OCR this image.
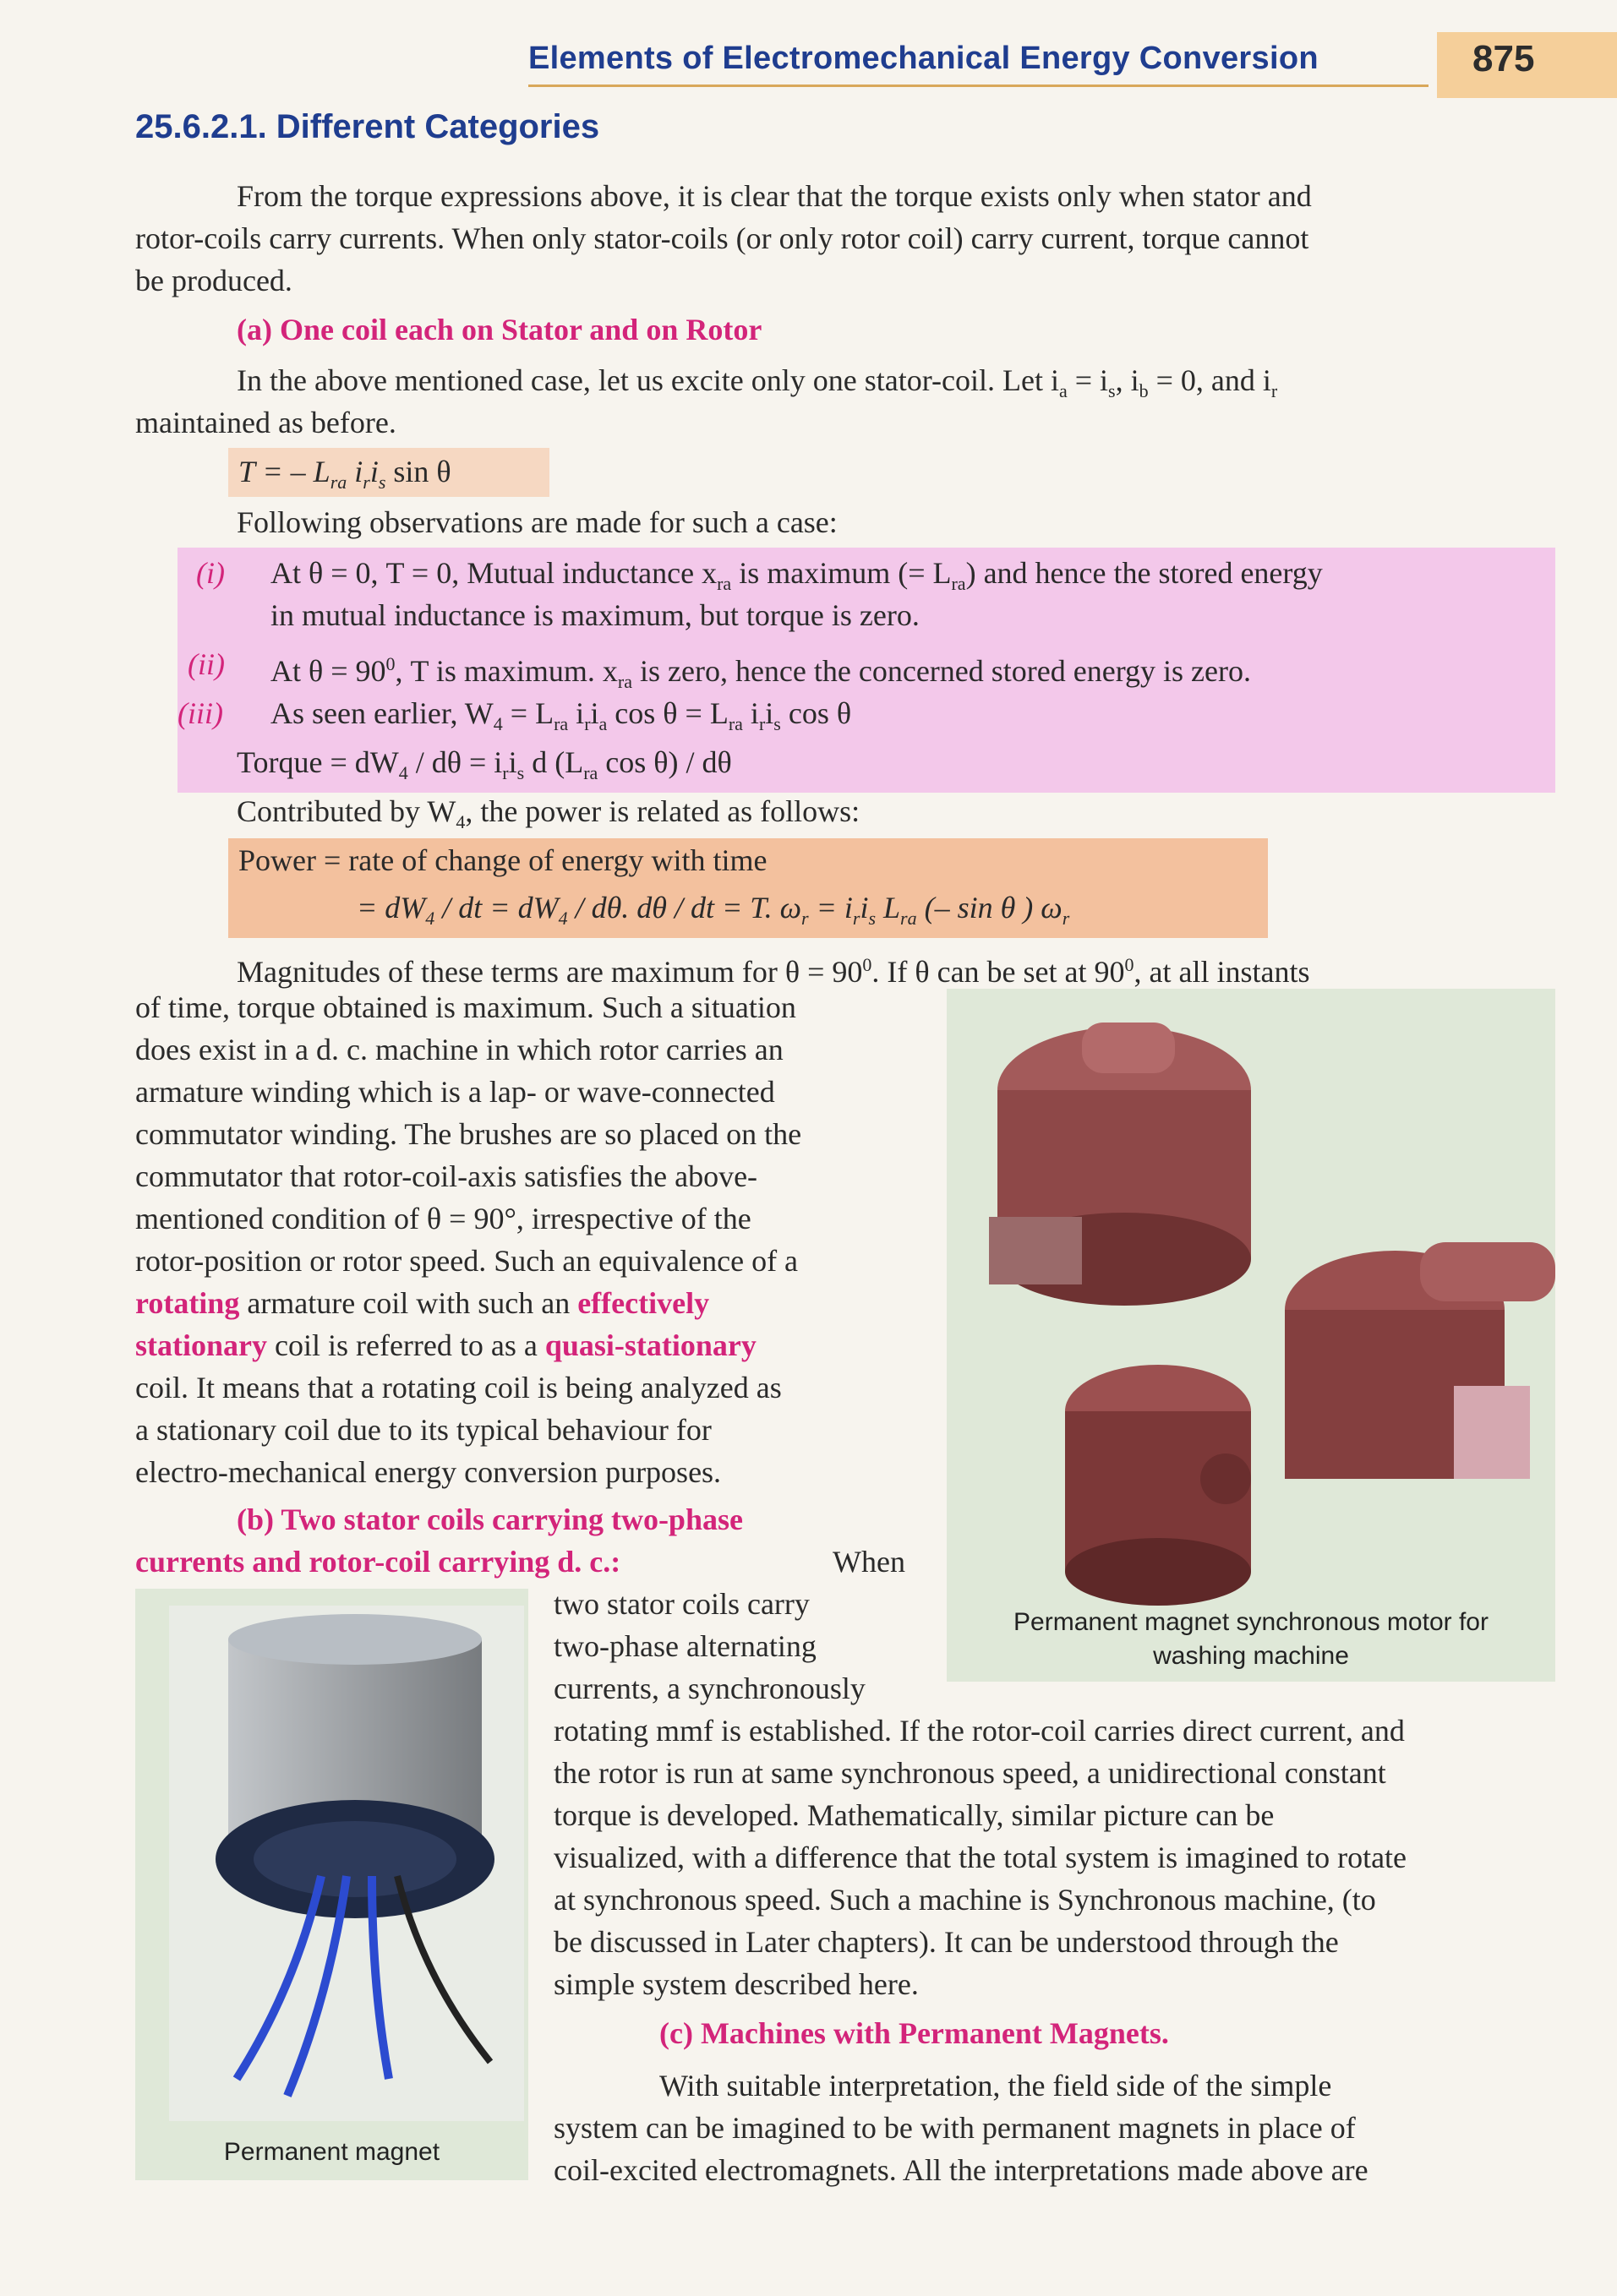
Elements of Electromechanical Energy Conversion	875
25.6.2.1. Different Categories
From the torque expressions above, it is clear that the torque exists only when stator and
rotor-coils carry currents. When only stator-coils (or only rotor coil) carry current, torque cannot
be produced.
(a) One coil each on Stator and on Rotor
In the above mentioned case, let us excite only one stator-coil. Let $i_a = i_s$, $i_b = 0$, and $i_r$
maintained as before.
T = – $L_{ra}$ $i_ri_s$ sin θ
Following observations are made for such a case:
(i) At θ = 0, T = 0, Mutual inductance $x_{ra}$ is maximum (= $L_{ra}$) and hence the stored energy
in mutual inductance is maximum, but torque is zero.
(ii) At $\theta = 90^0$, T is maximum. $x_{ra}$ is zero, hence the concerned stored energy is zero.
(iii) As seen earlier, $W_4 = L_{ra}$ $i_ri_a$ $\cos \theta = L_{ra}$ $i_ri_s$ cos θ
Torque = $dW_4 / d\theta = i_ri_s$ d ($L_{ra}$ cos θ) / dθ
Contributed by $W_4$, the power is related as follows:
Power = rate of change of energy with time
= $dW_4$ / dt = $dW_4$ / dθ. dθ / dt = T. $\omega_r = i_ri_s$ $L_{ra}$ (– sin θ ) $\omega_r$
Magnitudes of these terms are maximum for $\theta = 90^0$. If θ can be set at $90^0$, at all instants
Permanent magnet synchronous motor for
washing machine
of time, torque obtained is maximum. Such a situation
does exist in a d. c. machine in which rotor carries an
armature winding which is a lap- or wave-connected
commutator winding. The brushes are so placed on the
commutator that rotor-coil-axis satisfies the above-
mentioned condition of θ = 90°, irrespective of the
rotor-position or rotor speed. Such an equivalence of a
rotating armature coil with such an effectively
stationary coil is referred to as a quasi-stationary
coil. It means that a rotating coil is being analyzed as
a stationary coil due to its typical behaviour for
electro-mechanical energy conversion purposes.
(b) Two stator coils carrying two-phase
currents and rotor-coil carrying d. c.:	When
Permanent magnet
two stator coils carry
two-phase alternating
currents, a synchronously
rotating mmf is established. If the rotor-coil carries direct current, and
the rotor is run at same synchronous speed, a unidirectional constant
torque is developed. Mathematically, similar picture can be
visualized, with a difference that the total system is imagined to rotate
at synchronous speed. Such a machine is Synchronous machine, (to
be discussed in Later chapters). It can be understood through the
simple system described here.
(c) Machines with Permanent Magnets.
With suitable interpretation, the field side of the simple
system can be imagined to be with permanent magnets in place of
coil-excited electromagnets. All the interpretations made above are
